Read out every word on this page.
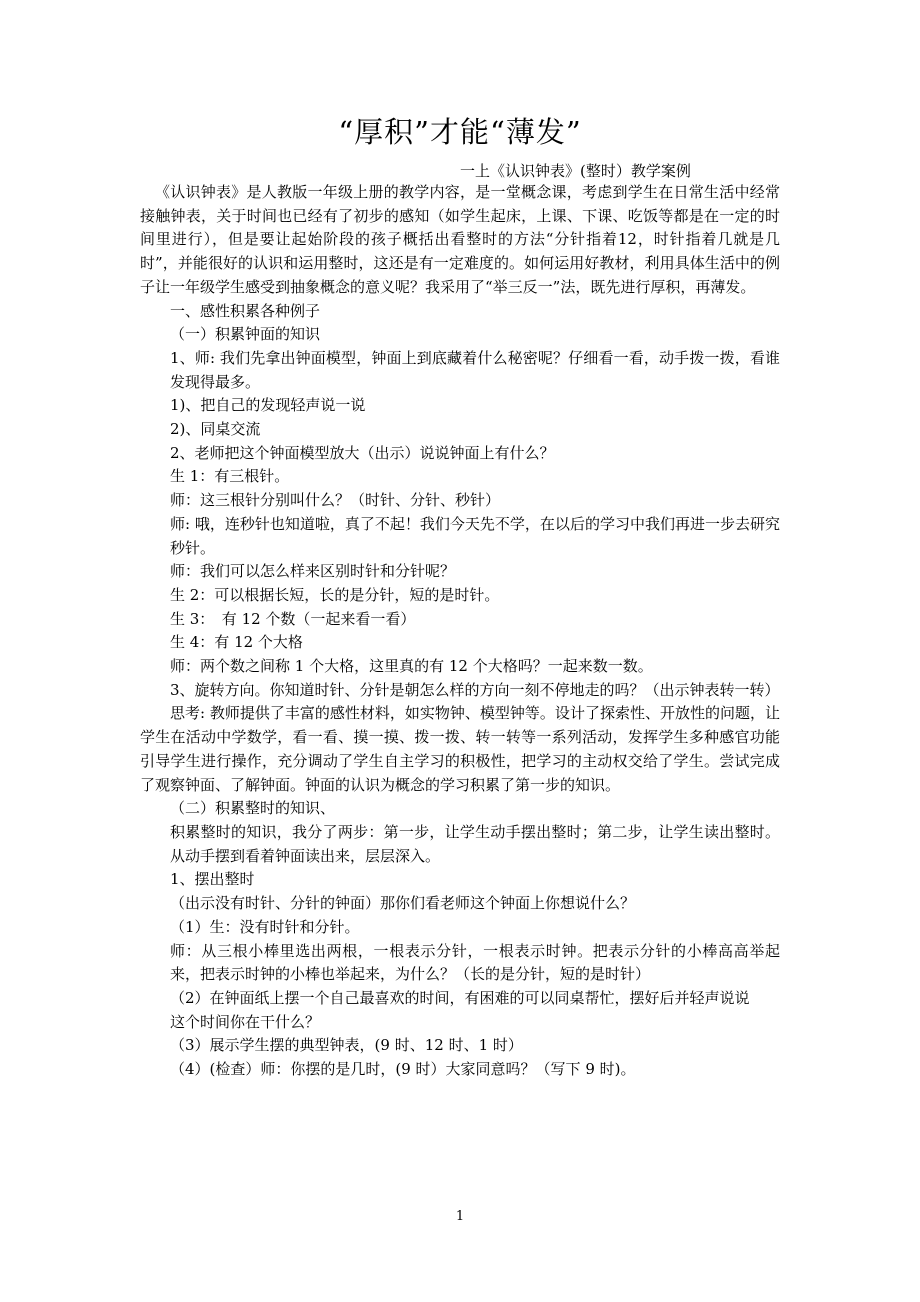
“厚积”才能“薄发”
一上《认识钟表》(整时）教学案例

《认识钟表》是人教版一年级上册的教学内容，是一堂概念课，考虑到学生在日常生活中经常接触钟表，关于时间也已经有了初步的感知（如学生起床，上课、下课、吃饭等都是在一定的时间里进行），但是要让起始阶段的孩子概括出看整时的方法“分针指着12，时针指着几就是几时”，并能很好的认识和运用整时，这还是有一定难度的。如何运用好教材，利用具体生活中的例子让一年级学生感受到抽象概念的意义呢？我采用了“举三反一”法，既先进行厚积，再薄发。

一、感性积累各种例子

（一）积累钟面的知识

1、师: 我们先拿出钟面模型，钟面上到底藏着什么秘密呢？仔细看一看，动手拨一拨，看谁发现得最多。

1)、把自己的发现轻声说一说

2)、同桌交流

2、老师把这个钟面模型放大（出示）说说钟面上有什么？

生 1：有三根针。

师：这三根针分别叫什么？（时针、分针、秒针）

师: 哦，连秒针也知道啦，真了不起！我们今天先不学，在以后的学习中我们再进一步去研究秒针。

师：我们可以怎么样来区别时针和分针呢？

生 2：可以根据长短，长的是分针，短的是时针。

生 3：　有 12 个数（一起来看一看）

生 4：有 12 个大格

师：两个数之间称 1 个大格，这里真的有 12 个大格吗？一起来数一数。

3、旋转方向。你知道时针、分针是朝怎么样的方向一刻不停地走的吗？（出示钟表转一转）

思考: 教师提供了丰富的感性材料，如实物钟、模型钟等。设计了探索性、开放性的问题，让学生在活动中学数学，看一看、摸一摸、拨一拨、转一转等一系列活动，发挥学生多种感官功能引导学生进行操作，充分调动了学生自主学习的积极性，把学习的主动权交给了学生。尝试完成了观察钟面、了解钟面。钟面的认识为概念的学习积累了第一步的知识。

（二）积累整时的知识、

积累整时的知识，我分了两步：第一步，让学生动手摆出整时；第二步，让学生读出整时。从动手摆到看着钟面读出来，层层深入。

1、摆出整时

（出示没有时针、分针的钟面）那你们看老师这个钟面上你想说什么？

（1）生：没有时针和分针。

师：从三根小棒里选出两根，一根表示分针，一根表示时钟。把表示分针的小棒高高举起来，把表示时钟的小棒也举起来，为什么？（长的是分针，短的是时针）

（2）在钟面纸上摆一个自己最喜欢的时间，有困难的可以同桌帮忙，摆好后并轻声说说

这个时间你在干什么？

（3）展示学生摆的典型钟表，(9 时、12 时、1 时）

（4）(检查）师：你摆的是几时，(9 时）大家同意吗？（写下 9 时)。

1
